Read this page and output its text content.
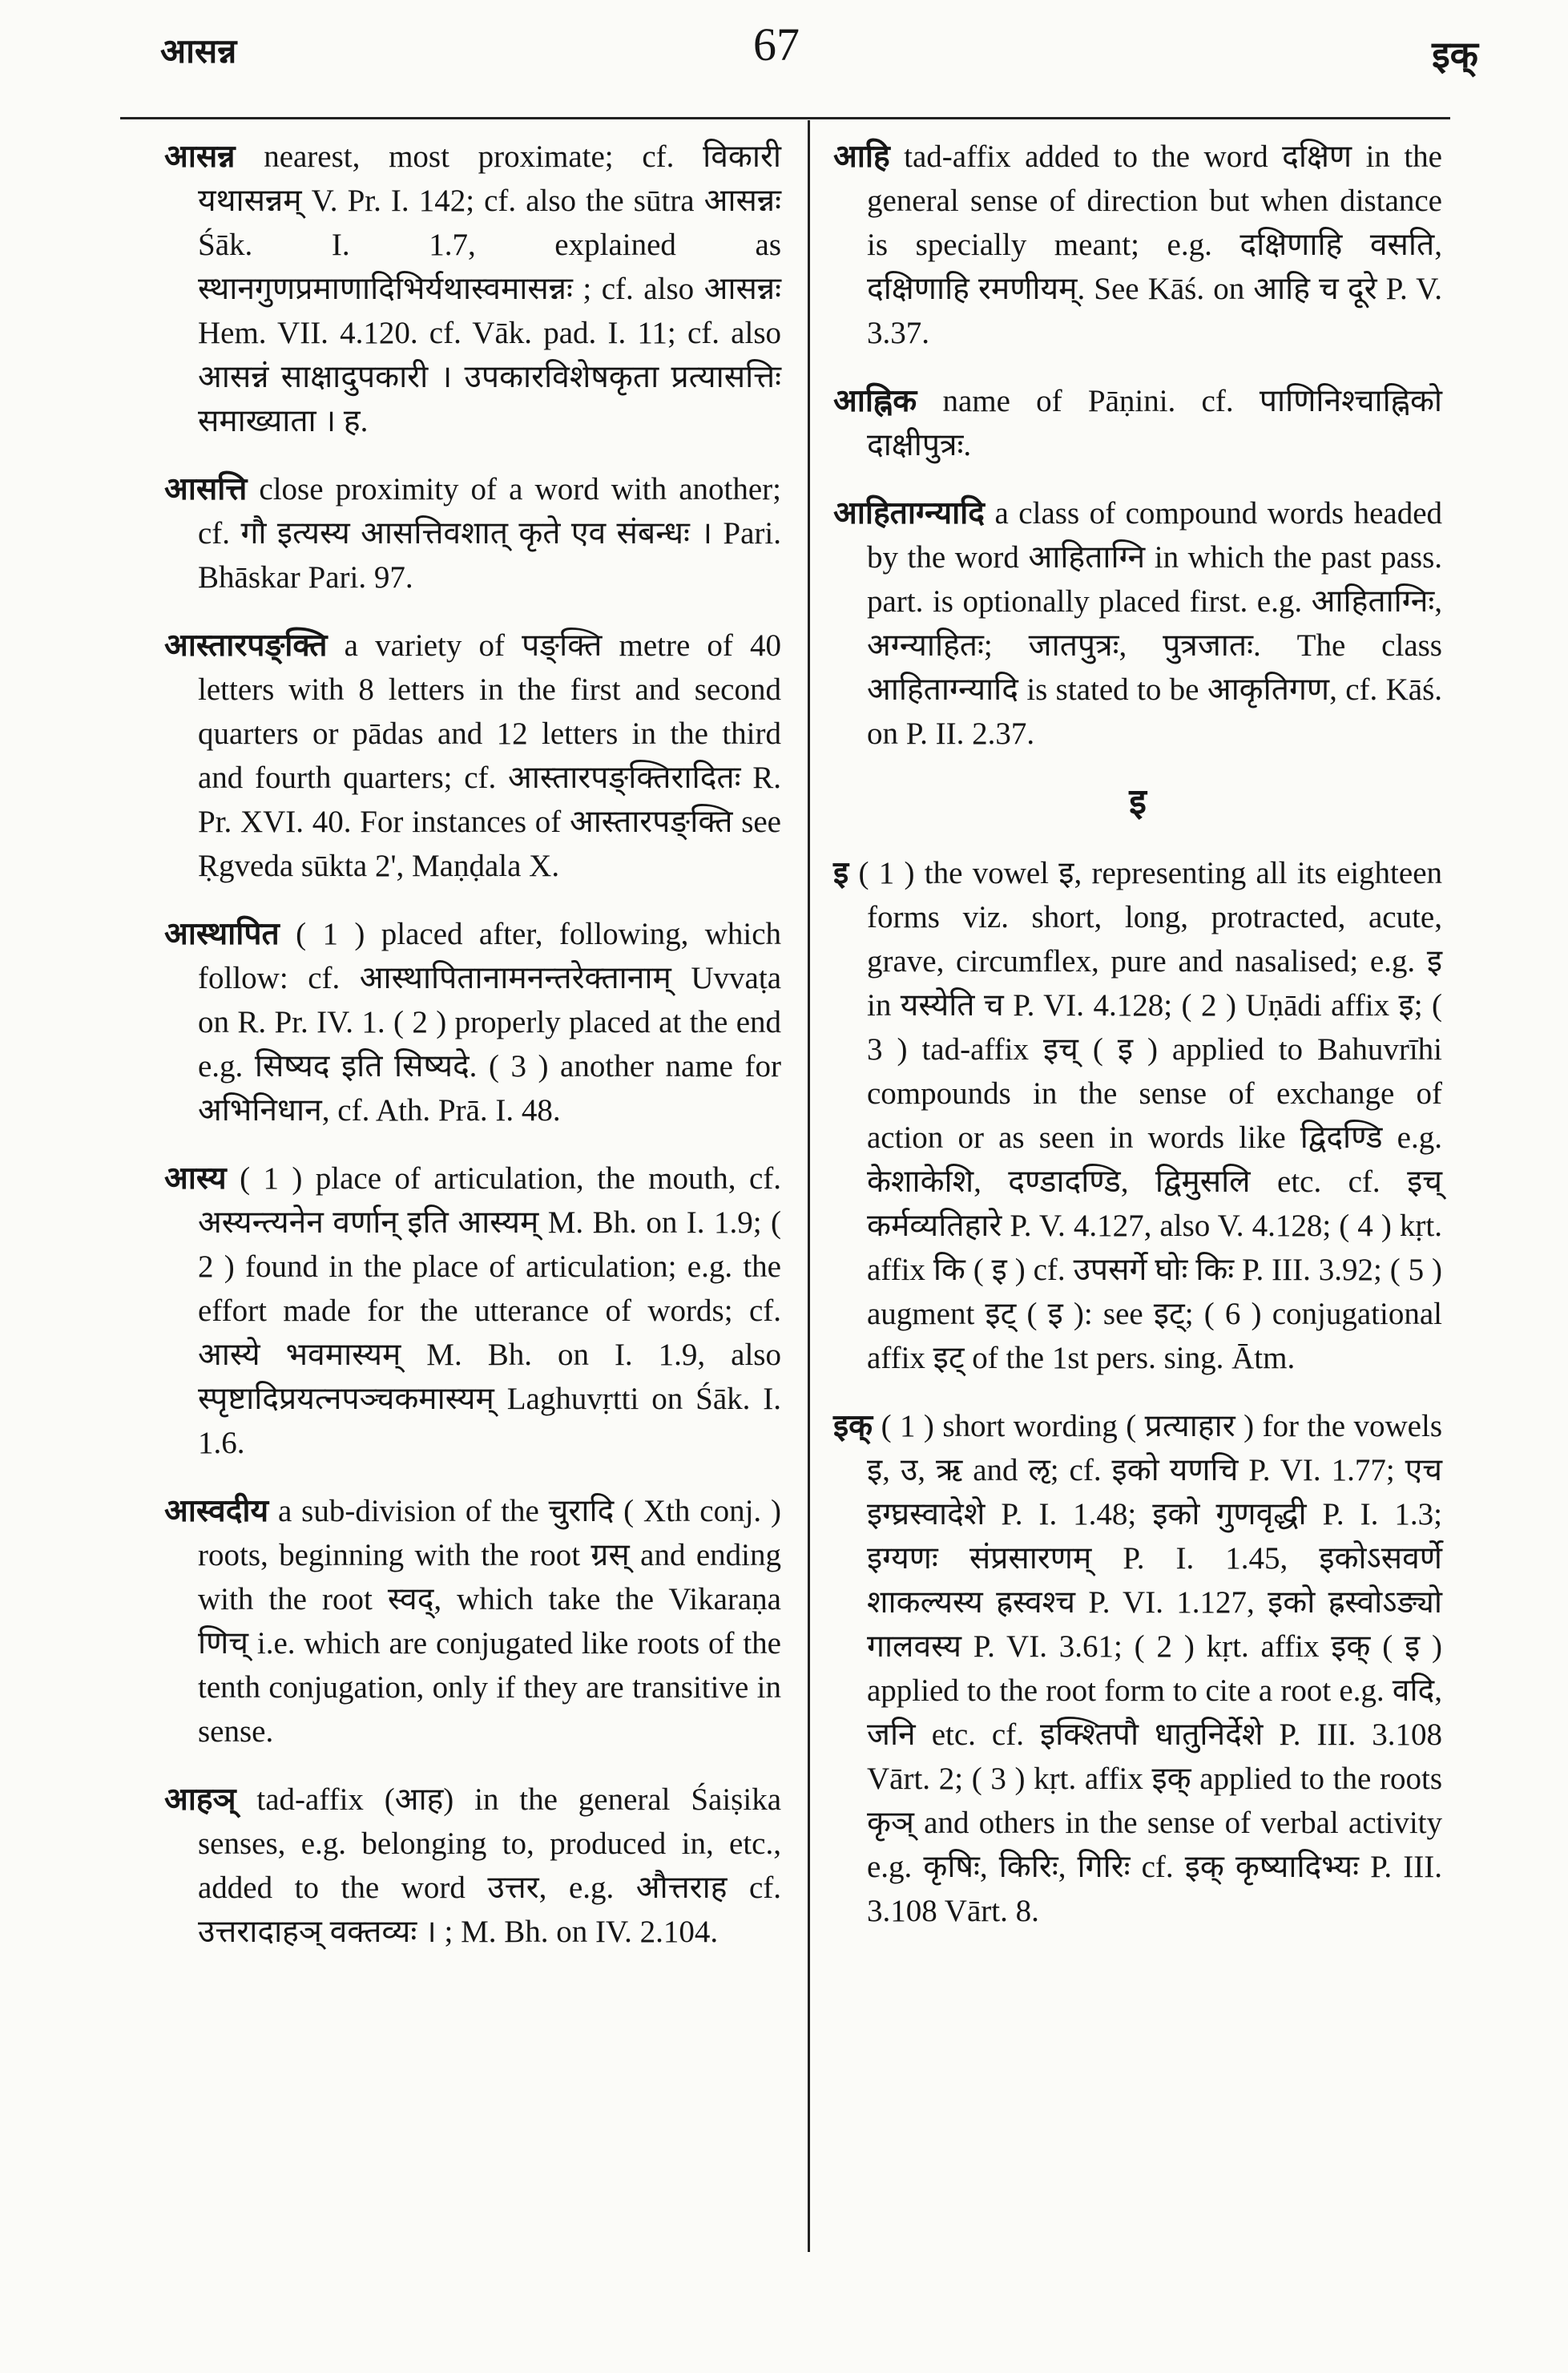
आसन्न	67	इक्

आसन्न nearest, most proximate; cf. विकारी यथासन्नम् V. Pr. I. 142; cf. also the sūtra आसन्नः Śāk. I. 1.7, explained as स्थानगुणप्रमाणादिभिर्यथास्वमासन्नः ; cf. also आसन्नः Hem. VII. 4.120. cf. Vāk. pad. I. 11; cf. also आसन्नं साक्षादुपकारी । उपकारविशेषकृता प्रत्यासत्तिः समाख्याता । ह.

आसत्ति close proximity of a word with another; cf. गौ इत्यस्य आसत्तिवशात् कृते एव संबन्धः । Pari. Bhāskar Pari. 97.

आस्तारपङ्क्ति a variety of पङ्क्ति metre of 40 letters with 8 letters in the first and second quarters or pādas and 12 letters in the third and fourth quarters; cf. आस्तारपङ्क्तिरादितः R. Pr. XVI. 40. For instances of आस्तारपङ्क्ति see Ṛgveda sūkta 2', Maṇḍala X.

आस्थापित ( 1 ) placed after, following, which follow: cf. आस्थापितानामनन्तरेक्तानाम् Uvvaṭa on R. Pr. IV. 1. ( 2 ) properly placed at the end e.g. सिष्यद इति सिष्यदे. ( 3 ) another name for अभिनिधान, cf. Ath. Prā. I. 48.

आस्य ( 1 ) place of articulation, the mouth, cf. अस्यन्त्यनेन वर्णान् इति आस्यम् M. Bh. on I. 1.9; ( 2 ) found in the place of articulation; e.g. the effort made for the utterance of words; cf. आस्ये भवमास्यम् M. Bh. on I. 1.9, also स्पृष्टादिप्रयत्नपञ्चकमास्यम् Laghuvṛtti on Śāk. I. 1.6.

आस्वदीय a sub-division of the चुरादि ( Xth conj. ) roots, beginning with the root ग्रस् and ending with the root स्वद्, which take the Vikaraṇa णिच् i.e. which are conjugated like roots of the tenth conjugation, only if they are transitive in sense.

आहञ् tad-affix (आह) in the general Śaiṣika senses, e.g. belonging to, produced in, etc., added to the word उत्तर, e.g. औत्तराह cf. उत्तरादाहञ् वक्तव्यः । ; M. Bh. on IV. 2.104.

आहि tad-affix added to the word दक्षिण in the general sense of direction but when distance is specially meant; e.g. दक्षिणाहि वसति, दक्षिणाहि रमणीयम्. See Kāś. on आहि च दूरे P. V. 3.37.

आह्निक name of Pāṇini. cf. पाणिनिश्चाह्निको दाक्षीपुत्रः.

आहिताग्न्यादि a class of compound words headed by the word आहिताग्नि in which the past pass. part. is optionally placed first. e.g. आहिताग्निः, अग्न्याहितः; जातपुत्रः, पुत्रजातः. The class आहिताग्न्यादि is stated to be आकृतिगण, cf. Kāś. on P. II. 2.37.

इ

इ ( 1 ) the vowel इ, representing all its eighteen forms viz. short, long, protracted, acute, grave, circumflex, pure and nasalised; e.g. इ in यस्येति च P. VI. 4.128; ( 2 ) Uṇādi affix इ; ( 3 ) tad-affix इच् ( इ ) applied to Bahuvrīhi compounds in the sense of exchange of action or as seen in words like द्विदण्डि e.g. केशाकेशि, दण्डादण्डि, द्विमुसलि etc. cf. इच् कर्मव्यतिहारे P. V. 4.127, also V. 4.128; ( 4 ) kṛt. affix कि ( इ ) cf. उपसर्गे घोः किः P. III. 3.92; ( 5 ) augment इट् ( इ ): see इट्; ( 6 ) conjugational affix इट् of the 1st pers. sing. Ātm.

इक् ( 1 ) short wording ( प्रत्याहार ) for the vowels इ, उ, ऋ and ऌ; cf. इको यणचि P. VI. 1.77; एच इग्घ्रस्वादेशे P. I. 1.48; इको गुणवृद्धी P. I. 1.3; इग्यणः संप्रसारणम् P. I. 1.45, इकोऽसवर्णे शाकल्यस्य ह्रस्वश्च P. VI. 1.127, इको ह्रस्वोऽङ्यो गालवस्य P. VI. 3.61; ( 2 ) kṛt. affix इक् ( इ ) applied to the root form to cite a root e.g. वदि, जनि etc. cf. इक्श्तिपौ धातुनिर्देशे P. III. 3.108 Vārt. 2; ( 3 ) kṛt. affix इक् applied to the roots कृञ् and others in the sense of verbal activity e.g. कृषिः, किरिः, गिरिः cf. इक् कृष्यादिभ्यः P. III. 3.108 Vārt. 8.
